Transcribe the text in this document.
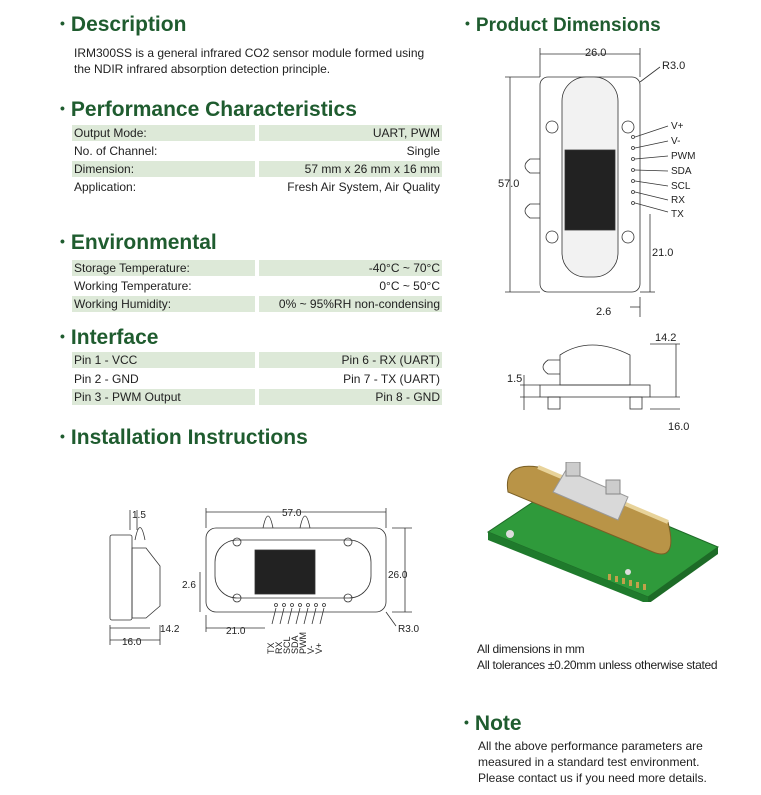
• Description
IRM300SS is a general infrared CO2 sensor module formed using
the NDIR infrared absorption detection principle.
• Performance Characteristics
Output Mode:	UART, PWM
No. of Channel:	Single
Dimension:	57 mm x 26 mm x 16 mm
Application:	Fresh Air System, Air Quality
• Environmental
Storage Temperature:	-40°C ~ 70°C
Working Temperature:	0°C ~ 50°C
Working Humidity:	0% ~ 95%RH non-condensing
• Interface
Pin 1 - VCC	Pin 6 - RX (UART)
Pin 2 - GND	Pin 7 - TX (UART)
Pin 3 - PWM Output	Pin 8 - GND
• Installation Instructions
1.5	57.0
26.0
2.6
14.2	21.0
16.0
R3.0
TX
RX
SCL
SDA
PWM
V-
V+
• Product Dimensions
26.0
R3.0
57.0
21.0
2.6
V+
V-
PWM
SDA
SCL
RX
TX
14.2
1.5
16.0
All dimensions in mm
All tolerances ±0.20mm unless otherwise stated
• Note
All the above performance parameters are
measured in a standard test environment.
Please contact us if you need more details.
